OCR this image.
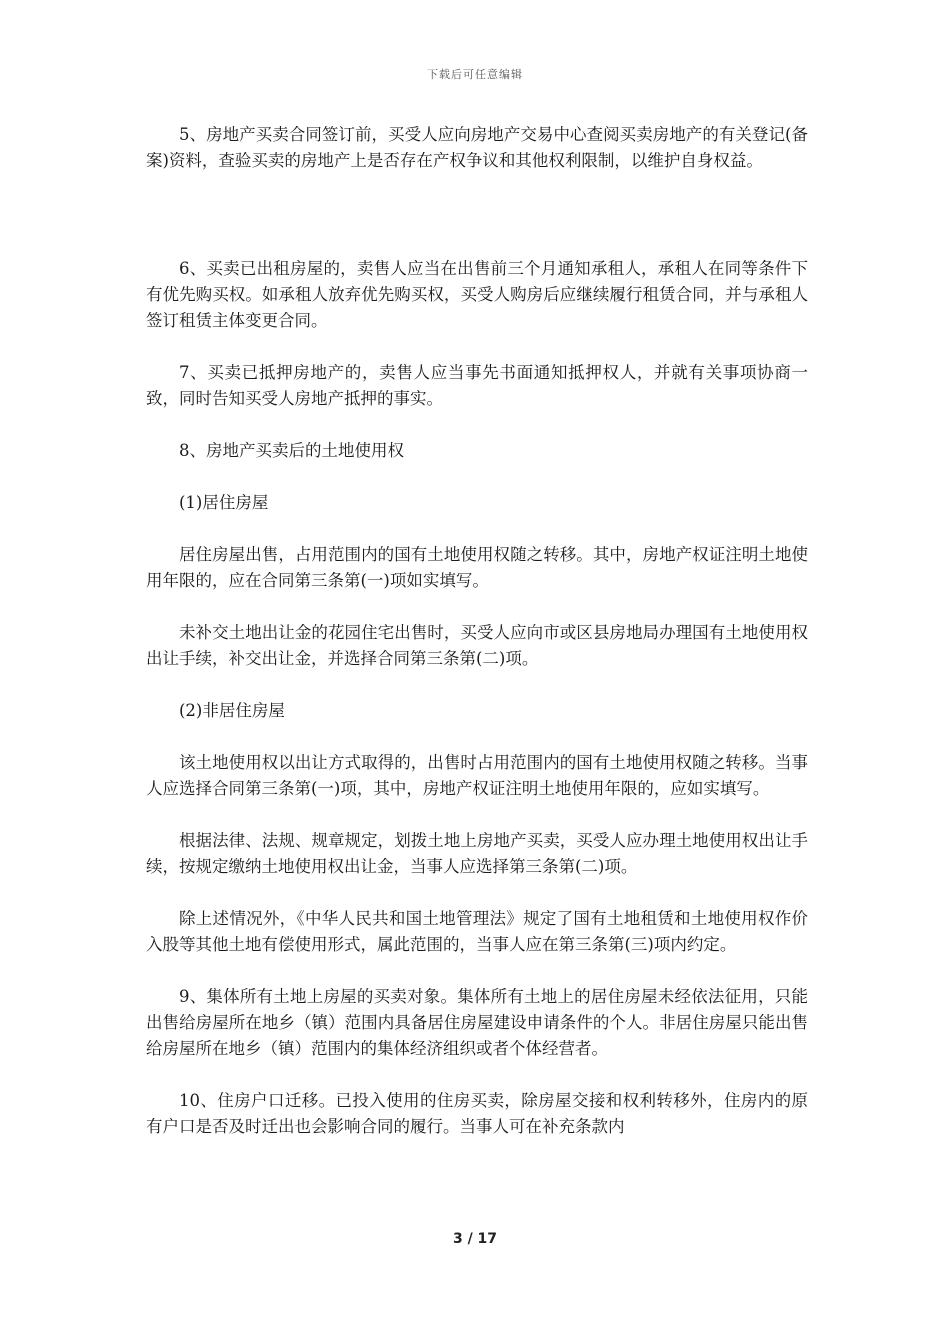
下载后可任意编辑

5、房地产买卖合同签订前，买受人应向房地产交易中心查阅买卖房地产的有关登记(备案)资料，查验买卖的房地产上是否存在产权争议和其他权利限制，以维护自身权益。

6、买卖已出租房屋的，卖售人应当在出售前三个月通知承租人，承租人在同等条件下有优先购买权。如承租人放弃优先购买权，买受人购房后应继续履行租赁合同，并与承租人签订租赁主体变更合同。

7、买卖已抵押房地产的，卖售人应当事先书面通知抵押权人，并就有关事项协商一致，同时告知买受人房地产抵押的事实。

8、房地产买卖后的土地使用权

(1)居住房屋

居住房屋出售，占用范围内的国有土地使用权随之转移。其中，房地产权证注明土地使用年限的，应在合同第三条第(一)项如实填写。

未补交土地出让金的花园住宅出售时，买受人应向市或区县房地局办理国有土地使用权出让手续，补交出让金，并选择合同第三条第(二)项。

(2)非居住房屋

该土地使用权以出让方式取得的，出售时占用范围内的国有土地使用权随之转移。当事人应选择合同第三条第(一)项，其中，房地产权证注明土地使用年限的，应如实填写。

根据法律、法规、规章规定，划拨土地上房地产买卖，买受人应办理土地使用权出让手续，按规定缴纳土地使用权出让金，当事人应选择第三条第(二)项。

除上述情况外，《中华人民共和国土地管理法》规定了国有土地租赁和土地使用权作价入股等其他土地有偿使用形式，属此范围的，当事人应在第三条第(三)项内约定。

9、集体所有土地上房屋的买卖对象。集体所有土地上的居住房屋未经依法征用，只能出售给房屋所在地乡（镇）范围内具备居住房屋建设申请条件的个人。非居住房屋只能出售给房屋所在地乡（镇）范围内的集体经济组织或者个体经营者。

10、住房户口迁移。已投入使用的住房买卖，除房屋交接和权利转移外，住房内的原有户口是否及时迁出也会影响合同的履行。当事人可在补充条款内

3 / 17
